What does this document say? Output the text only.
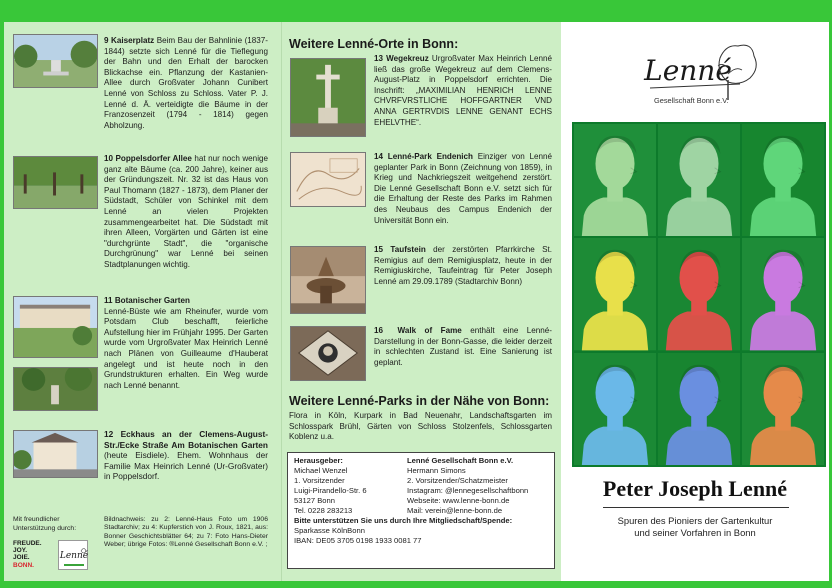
9 Kaiserplatz Beim Bau der Bahnlinie (1837-1844) setzte sich Lenné für die Tieflegung der Bahn und den Erhalt der barocken Blickachse ein. Pflanzung der Kastanien-Allee durch Großvater Johann Cunibert Lenné von Schloss zu Schloss. Vater P. J. Lenné d. Ä. verteidigte die Bäume in der Franzosenzeit (1794 - 1814) gegen Abholzung.
10 Poppelsdorfer Allee hat nur noch wenige ganz alte Bäume (ca. 200 Jahre), keiner aus der Gründungszeit. Nr. 32 ist das Haus von Paul Thomann (1827 - 1873), dem Planer der Südstadt, Schüler von Schinkel mit dem Lenné an vielen Projekten zusammengearbeitet hat. Die Südstadt mit ihren Alleen, Vorgärten und Gärten ist eine "durchgrünte Stadt", die "organische Durchgrünung" war Lenné bei seinen Stadtplanungen wichtig.
11 Botanischer Garten
Lenné-Büste wie am Rheinufer, wurde vom Potsdam Club beschafft, feierliche Aufstellung hier im Frühjahr 1995. Der Garten wurde vom Urgroßvater Max Heinrich Lenné nach Plänen von Guilleaume d'Hauberat angelegt und ist heute noch in den Grundstrukturen erhalten. Ein Weg wurde nach Lenné benannt.
12 Eckhaus an der Clemens-August-Str./Ecke Straße Am Botanischen Garten (heute Eisdiele). Ehem. Wohnhaus der Familie Max Heinrich Lenné (Ur-Großvater) in Poppelsdorf.
Mit freundlicher Unterstützung durch:
FREUDE.
JOY.
JOIE.
BONN.
Lenné
Bildnachweis: zu 2: Lenné-Haus Foto um 1906 Stadtarchiv; zu 4: Kupferstich von J. Roux, 1821, aus: Bonner Geschichtsblätter 64; zu 7: Foto Hans-Dieter Weber; übrige Fotos: ®Lenné Gesellschaft Bonn e.V. ;
Weitere Lenné-Orte in Bonn:
13 Wegekreuz Urgroßvater Max Heinrich Lenné ließ das große Wegekreuz auf dem Clemens-August-Platz in Poppelsdorf errichten. Die Inschrift: „MAXIMILIAN HENRICH LENNE CHVRFVRSTLICHE HOFFGARTNER VND ANNA GERTRVDIS LENNE GENANT ECHS EHELVTHE“.
14 Lenné-Park Endenich Einziger von Lenné geplanter Park in Bonn (Zeichnung von 1859), in Krieg und Nachkriegszeit weitgehend zerstört. Die Lenné Gesellschaft Bonn e.V. setzt sich für die Erhaltung der Reste des Parks im Rahmen des Neubaus des Campus Endenich der Universität Bonn ein.
15 Taufstein der zerstörten Pfarrkirche St. Remigius auf dem Remigiusplatz, heute in der Remigiuskirche, Taufeintrag für Peter Joseph Lenné am 29.09.1789 (Stadtarchiv Bonn)
16 Walk of Fame enthält eine Lenné-Darstellung in der Bonn-Gasse, die leider derzeit in schlechten Zustand ist. Eine Sanierung ist geplant.
Weitere Lenné-Parks in der Nähe von Bonn:
Flora in Köln, Kurpark in Bad Neuenahr, Landschaftsgarten im Schlosspark Brühl, Gärten von Schloss Stolzenfels, Schlossgarten Koblenz u.a.
Herausgeber:
Michael Wenzel
1. Vorsitzender
Luigi-Pirandello-Str. 6
53127 Bonn
Tel. 0228 283213
Lenné Gesellschaft Bonn e.V.
Hermann Simons
2. Vorsitzender/Schatzmeister
Instagram: @lennegesellschaftbonn
Webseite: www.lenne-bonn.de
Mail: verein@lenne-bonn.de
Bitte unterstützen Sie uns durch Ihre Mitgliedschaft/Spende:
Sparkasse KölnBonn
IBAN: DE05 3705 0198 1933 0081 77
Lenné
Gesellschaft Bonn e.V.
Peter Joseph Lenné
Spuren des Pioniers der Gartenkultur
und seiner Vorfahren in Bonn
